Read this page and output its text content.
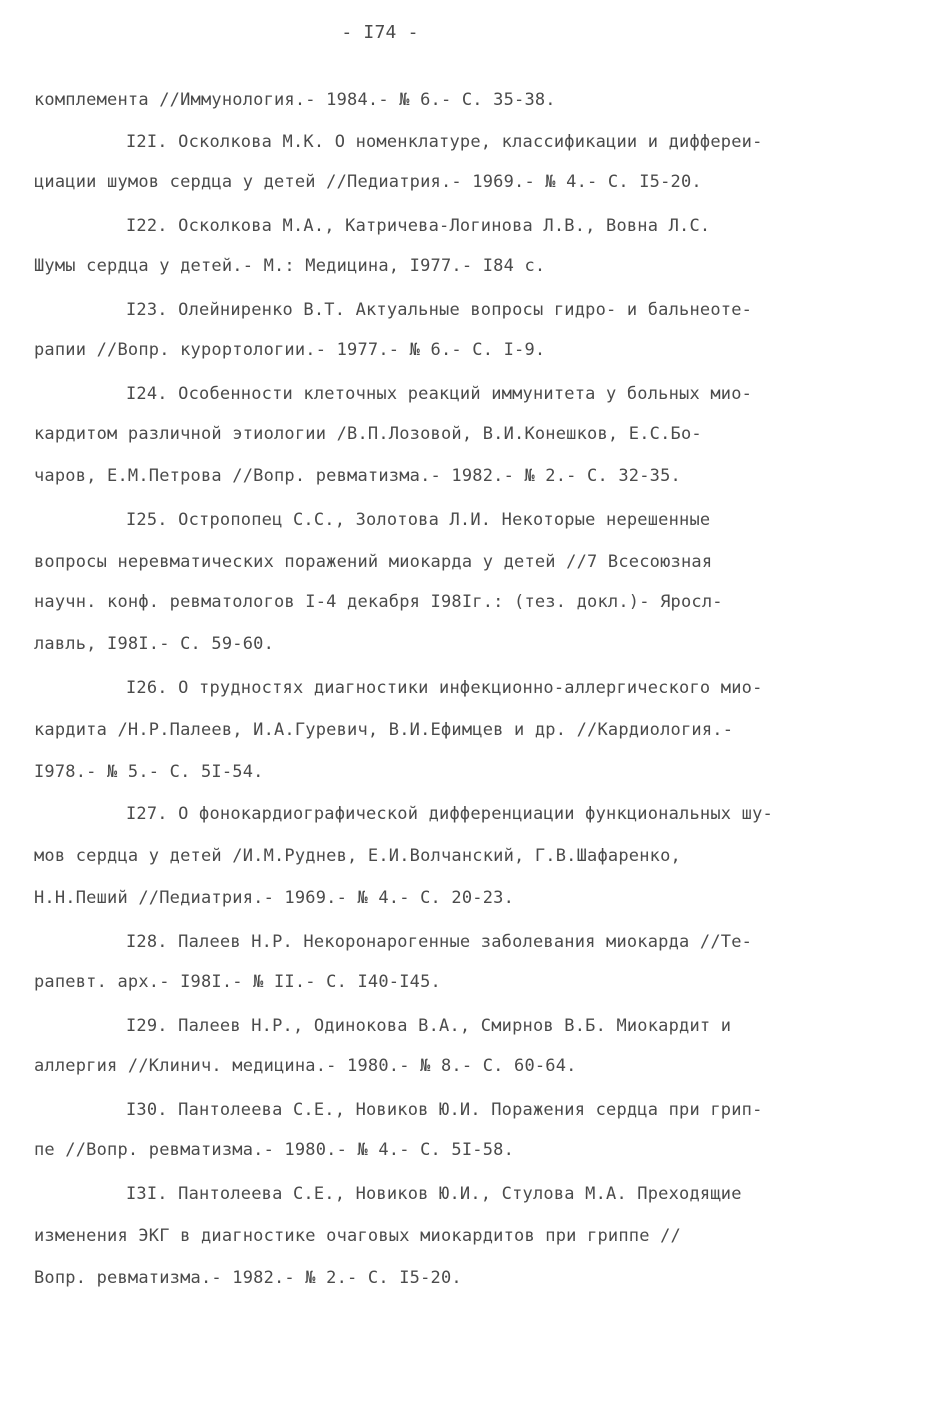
- I74 -
комплемента //Иммунология.- 1984.- № 6.- С. 35-38.
I2I. Осколкова М.К. О номенклатуре, классификации и диффереи-
циации шумов сердца у детей //Педиатрия.- 1969.- № 4.- С. I5-20.
I22. Осколкова М.А., Катричева-Логинова Л.В., Вовна Л.С.
Шумы сердца у детей.- М.: Медицина, I977.- I84 с.
I23. Олейниренко В.Т. Актуальные вопросы гидро- и бальнеоте-
рапии //Вопр. курортологии.- 1977.- № 6.- С. I-9.
I24. Особенности клеточных реакций иммунитета у больных мио-
кардитом различной этиологии /В.П.Лозовой, В.И.Конешков, Е.С.Бо-
чаров, Е.М.Петрова //Вопр. ревматизма.- 1982.- № 2.- С. 32-35.
I25. Остропопец С.С., Золотова Л.И. Некоторые нерешенные
вопросы неревматических поражений миокарда у детей //7 Всесоюзная
научн. конф. ревматологов I-4 декабря I98Iг.: (тез. докл.)- Яросл-
лавль, I98I.- С. 59-60.
I26. О трудностях диагностики инфекционно-аллергического мио-
кардита /Н.Р.Палеев, И.А.Гуревич, В.И.Ефимцев и др. //Кардиология.-
I978.- № 5.- С. 5I-54.
I27. О фонокардиографической дифференциации функциональных шу-
мов сердца у детей /И.М.Руднев, Е.И.Волчанский, Г.В.Шафаренко,
Н.Н.Пеший //Педиатрия.- 1969.- № 4.- С. 20-23.
I28. Палеев Н.Р. Некоронарогенные заболевания миокарда //Те-
рапевт. арх.- I98I.- № II.- С. I40-I45.
I29. Палеев Н.Р., Одинокова В.А., Смирнов В.Б. Миокардит и
аллергия //Клинич. медицина.- 1980.- № 8.- С. 60-64.
I30. Пантолеева С.Е., Новиков Ю.И. Поражения сердца при грип-
пе //Вопр. ревматизма.- 1980.- № 4.- С. 5I-58.
I3I. Пантолеева С.Е., Новиков Ю.И., Стулова М.А. Преходящие
изменения ЭКГ в диагностике очаговых миокардитов при гриппе //
Вопр. ревматизма.- 1982.- № 2.- С. I5-20.
